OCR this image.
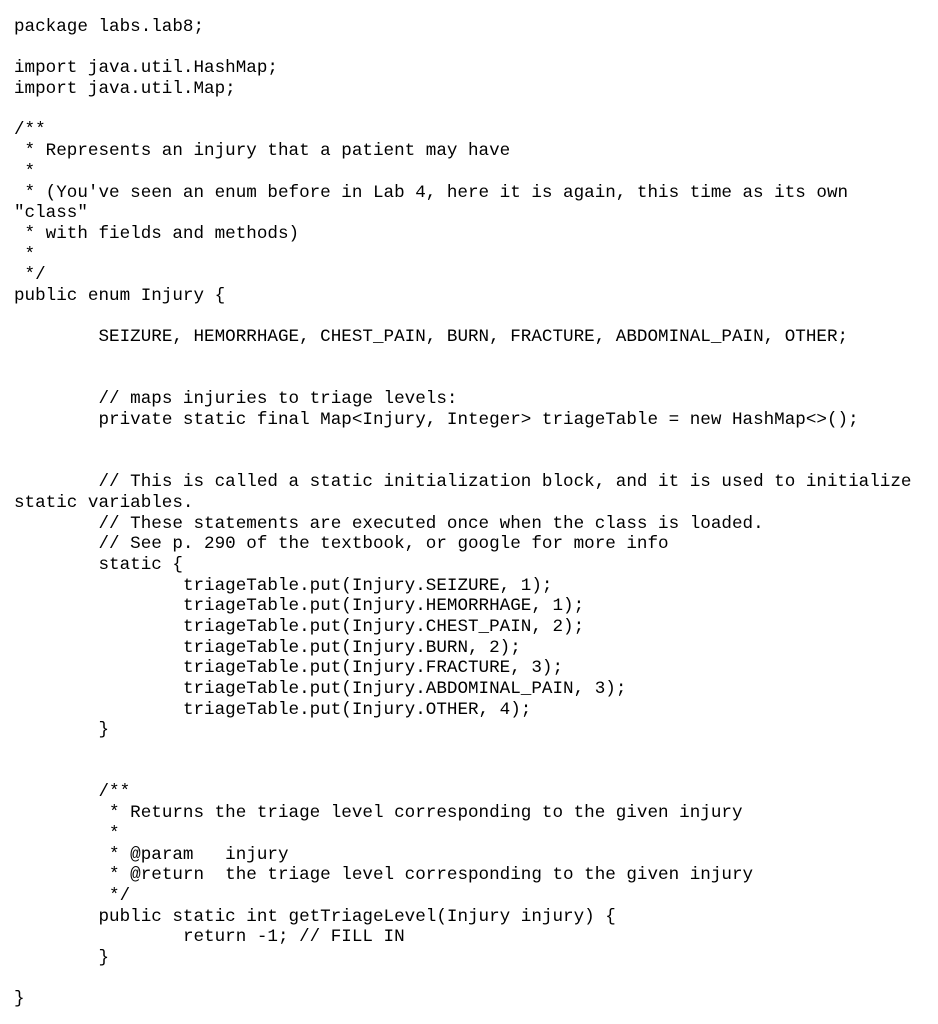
package labs.lab8;
import java.util.HashMap;
import java.util.Map;
/**
* Represents an injury that a patient may have
*
* (You've seen an enum before in Lab 4, here it is again, this time as its own
"class"
* with fields and methods)
*
*/
public enum Injury {
	SEIZURE, HEMORRHAGE, CHEST_PAIN, BURN, FRACTURE, ABDOMINAL_PAIN, OTHER;
	// maps injuries to triage levels:
	private static final Map<Injury, Integer> triageTable = new HashMap<>();
	// This is called a static initialization block, and it is used to initialize
static variables.
	// These statements are executed once when the class is loaded.
	// See p. 290 of the textbook, or google for more info
	static {
		triageTable.put(Injury.SEIZURE, 1);
		triageTable.put(Injury.HEMORRHAGE, 1);
		triageTable.put(Injury.CHEST_PAIN, 2);
		triageTable.put(Injury.BURN, 2);
		triageTable.put(Injury.FRACTURE, 3);
		triageTable.put(Injury.ABDOMINAL_PAIN, 3);
		triageTable.put(Injury.OTHER, 4);
	}
	/**
	* Returns the triage level corresponding to the given injury
	*
	* @param   injury
	* @return  the triage level corresponding to the given injury
	*/
	public static int getTriageLevel(Injury injury) {
		return -1; // FILL IN
	}
}
